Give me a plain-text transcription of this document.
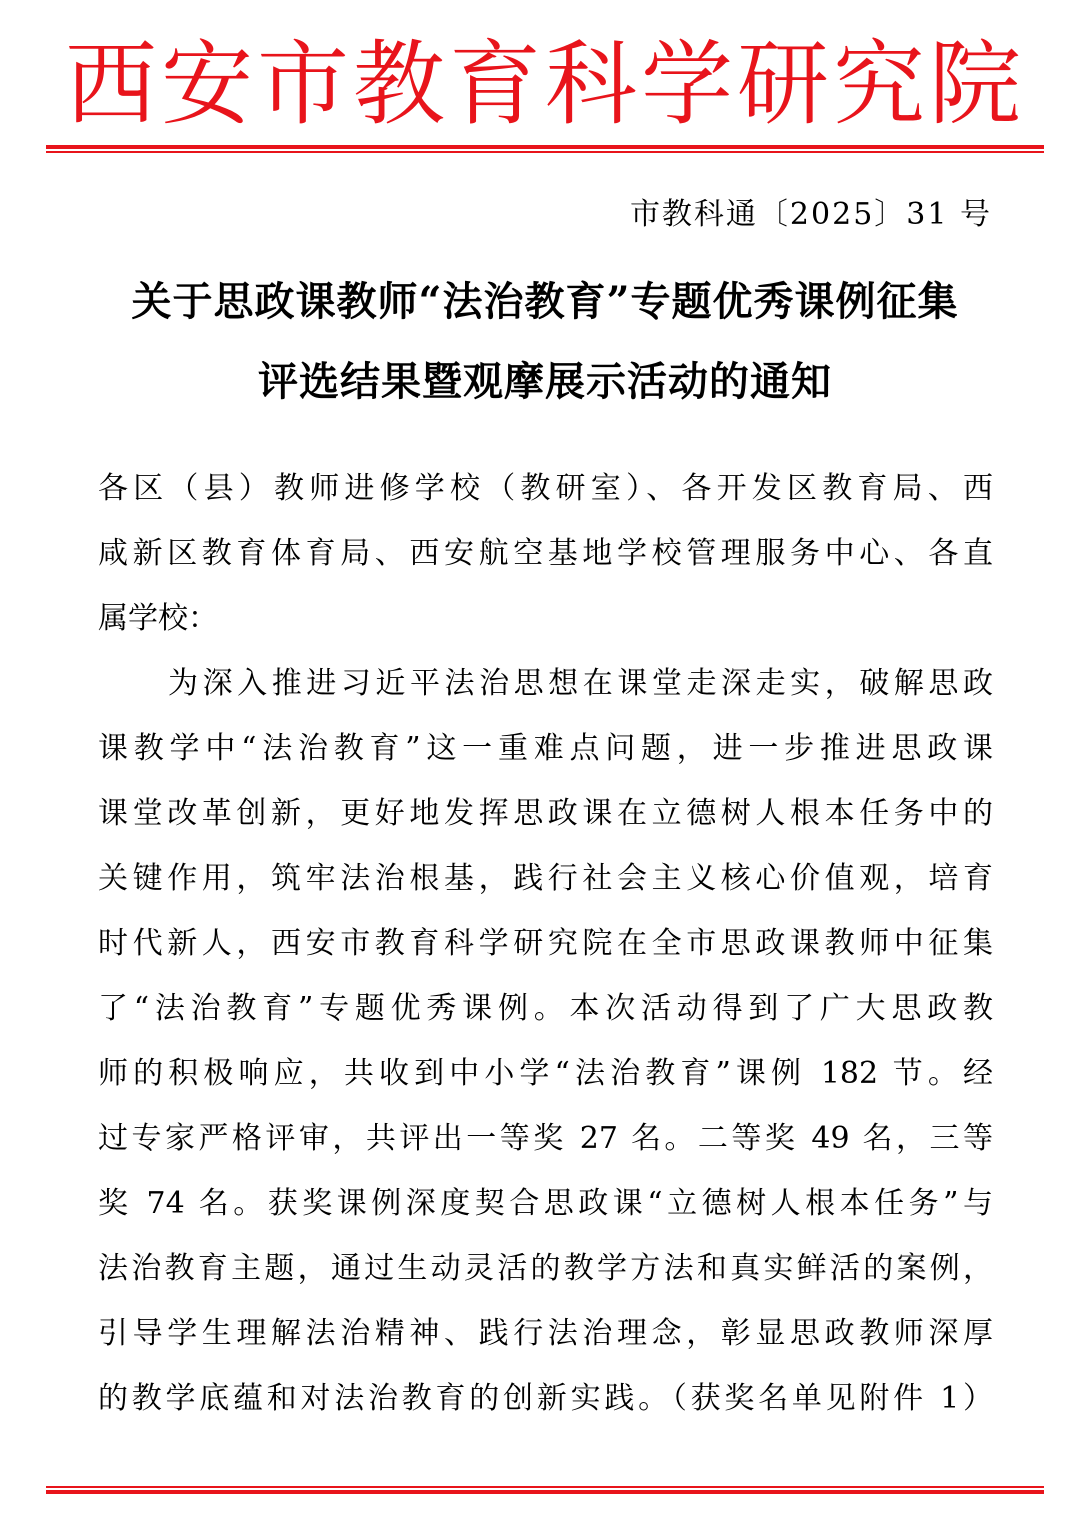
西安市教育科学研究院
市教科通〔2025〕31 号
关于思政课教师“法治教育”专题优秀课例征集
评选结果暨观摩展示活动的通知
各区（县）教师进修学校（教研室）、各开发区教育局、西
咸新区教育体育局、西安航空基地学校管理服务中心、各直
属学校：
为深入推进习近平法治思想在课堂走深走实，破解思政
课教学中“法治教育”这一重难点问题，进一步推进思政课
课堂改革创新，更好地发挥思政课在立德树人根本任务中的
关键作用，筑牢法治根基，践行社会主义核心价值观，培育
时代新人，西安市教育科学研究院在全市思政课教师中征集
了“法治教育”专题优秀课例。本次活动得到了广大思政教
师的积极响应，共收到中小学“法治教育”课例 182 节。经
过专家严格评审，共评出一等奖 27 名。二等奖 49 名，三等
奖 74 名。获奖课例深度契合思政课“立德树人根本任务”与
法治教育主题，通过生动灵活的教学方法和真实鲜活的案例，
引导学生理解法治精神、践行法治理念，彰显思政教师深厚
的教学底蕴和对法治教育的创新实践。（获奖名单见附件 1）
